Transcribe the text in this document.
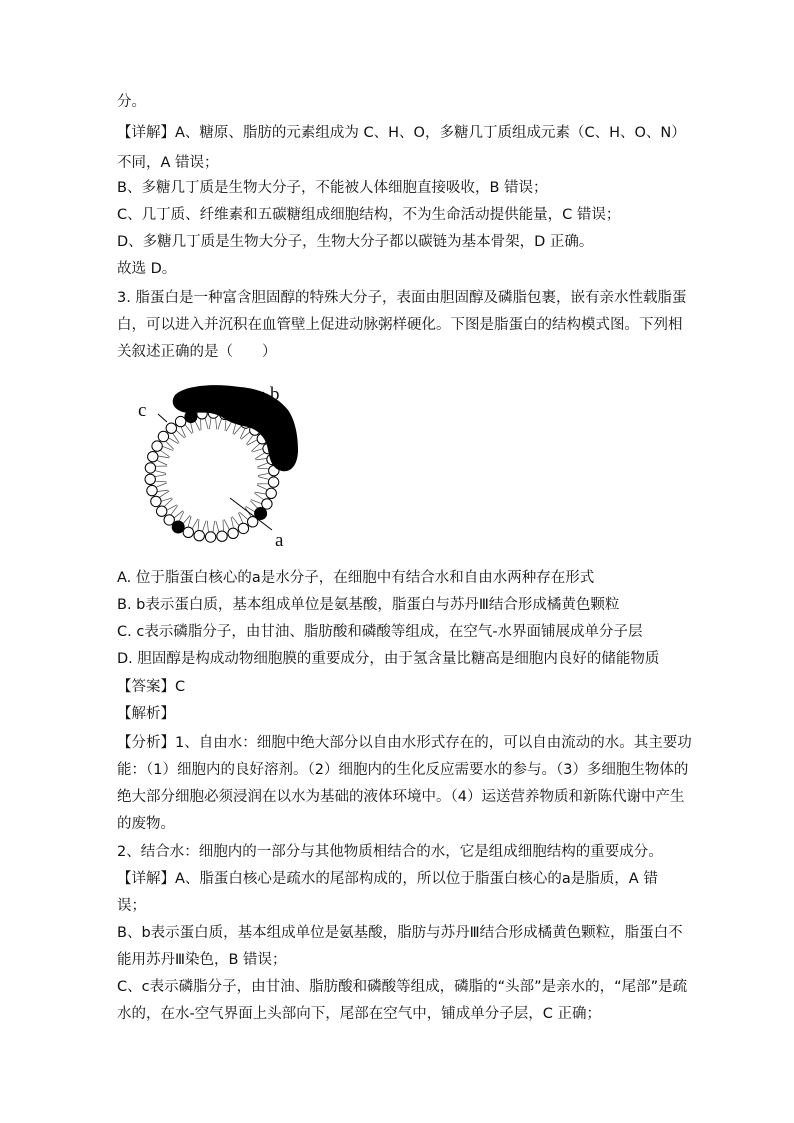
分。
【详解】A、糖原、脂肪的元素组成为 C、H、O，多糖几丁质组成元素（C、H、O、N）
不同，A 错误；
B、多糖几丁质是生物大分子，不能被人体细胞直接吸收，B 错误；
C、几丁质、纤维素和五碳糖组成细胞结构，不为生命活动提供能量，C 错误；
D、多糖几丁质是生物大分子，生物大分子都以碳链为基本骨架，D 正确。
故选 D。
3. 脂蛋白是一种富含胆固醇的特殊大分子，表面由胆固醇及磷脂包裹，嵌有亲水性载脂蛋
白，可以进入并沉积在血管壁上促进动脉粥样硬化。下图是脂蛋白的结构模式图。下列相
关叙述正确的是（　　）
b
c
a
A. 位于脂蛋白核心的a是水分子，在细胞中有结合水和自由水两种存在形式
B. b表示蛋白质，基本组成单位是氨基酸，脂蛋白与苏丹Ⅲ结合形成橘黄色颗粒
C. c表示磷脂分子，由甘油、脂肪酸和磷酸等组成，在空气-水界面铺展成单分子层
D. 胆固醇是构成动物细胞膜的重要成分，由于氢含量比糖高是细胞内良好的储能物质
【答案】C
【解析】
【分析】1、自由水：细胞中绝大部分以自由水形式存在的，可以自由流动的水。其主要功
能：（1）细胞内的良好溶剂。（2）细胞内的生化反应需要水的参与。（3）多细胞生物体的
绝大部分细胞必须浸润在以水为基础的液体环境中。（4）运送营养物质和新陈代谢中产生
的废物。
2、结合水：细胞内的一部分与其他物质相结合的水，它是组成细胞结构的重要成分。
【详解】A、脂蛋白核心是疏水的尾部构成的，所以位于脂蛋白核心的a是脂质，A 错
误；
B、b表示蛋白质，基本组成单位是氨基酸，脂肪与苏丹Ⅲ结合形成橘黄色颗粒，脂蛋白不
能用苏丹Ⅲ染色，B 错误；
C、c表示磷脂分子，由甘油、脂肪酸和磷酸等组成，磷脂的“头部”是亲水的，“尾部”是疏
水的，在水-空气界面上头部向下，尾部在空气中，铺成单分子层，C 正确；
